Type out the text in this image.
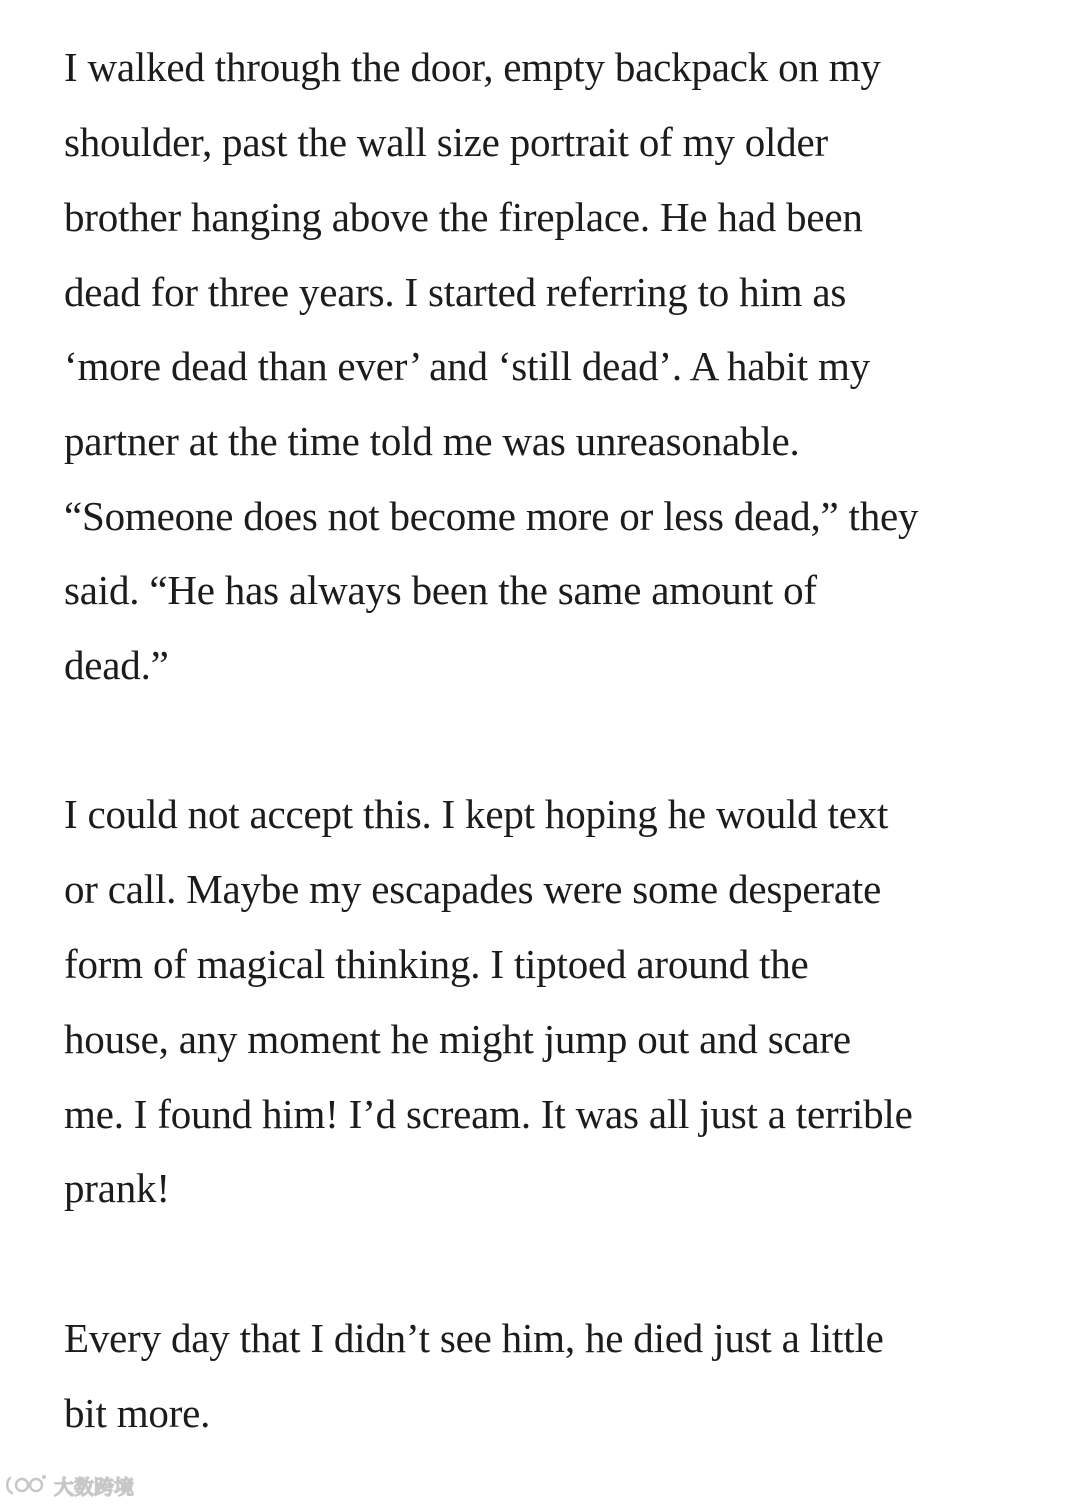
I walked through the door, empty backpack on my

shoulder, past the wall size portrait of my older

brother hanging above the fireplace. He had been

dead for three years. I started referring to him as

‘more dead than ever’ and ‘still dead’. A habit my

partner at the time told me was unreasonable.

“Someone does not become more or less dead,” they

said. “He has always been the same amount of

dead.”

I could not accept this. I kept hoping he would text

or call. Maybe my escapades were some desperate

form of magical thinking. I tiptoed around the

house, any moment he might jump out and scare

me. I found him! I’d scream. It was all just a terrible

prank!

Every day that I didn’t see him, he died just a little

bit more.

大数跨境
